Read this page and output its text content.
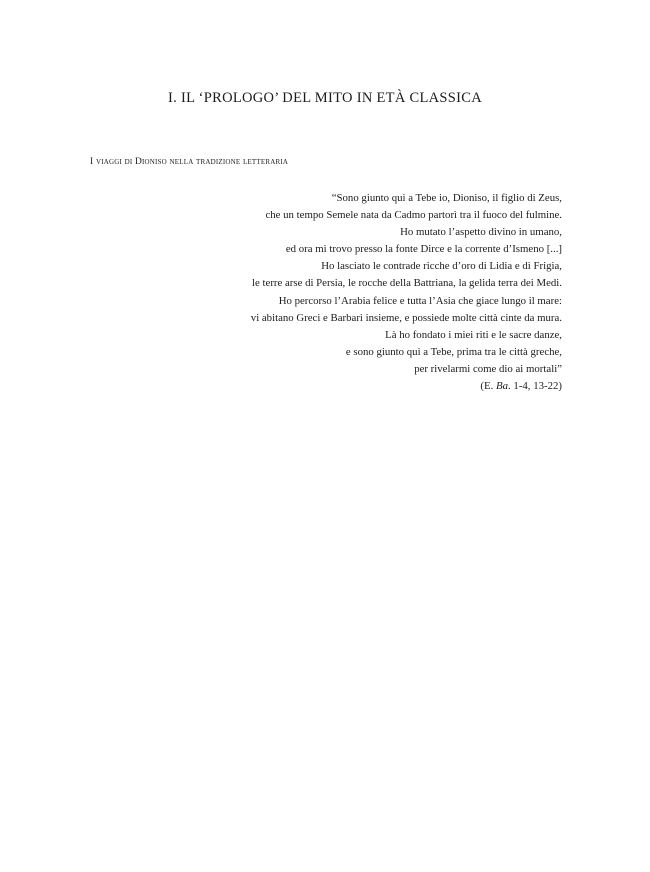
I. IL ‘PROLOGO’ DEL MITO IN ETÀ CLASSICA
I viaggi di Dioniso nella tradizione letteraria
“Sono giunto qui a Tebe io, Dioniso, il figlio di Zeus,
che un tempo Semele nata da Cadmo partorì tra il fuoco del fulmine.
Ho mutato l’aspetto divino in umano,
ed ora mi trovo presso la fonte Dirce e la corrente d’Ismeno [...]
Ho lasciato le contrade ricche d’oro di Lidia e di Frigia,
le terre arse di Persia, le rocche della Battriana, la gelida terra dei Medi.
Ho percorso l’Arabia felice e tutta l’Asia che giace lungo il mare:
vi abitano Greci e Barbari insieme, e possiede molte città cinte da mura.
Là ho fondato i miei riti e le sacre danze,
e sono giunto qui a Tebe, prima tra le città greche,
per rivelarmi come dio ai mortali”
(E. Ba. 1-4, 13-22)
